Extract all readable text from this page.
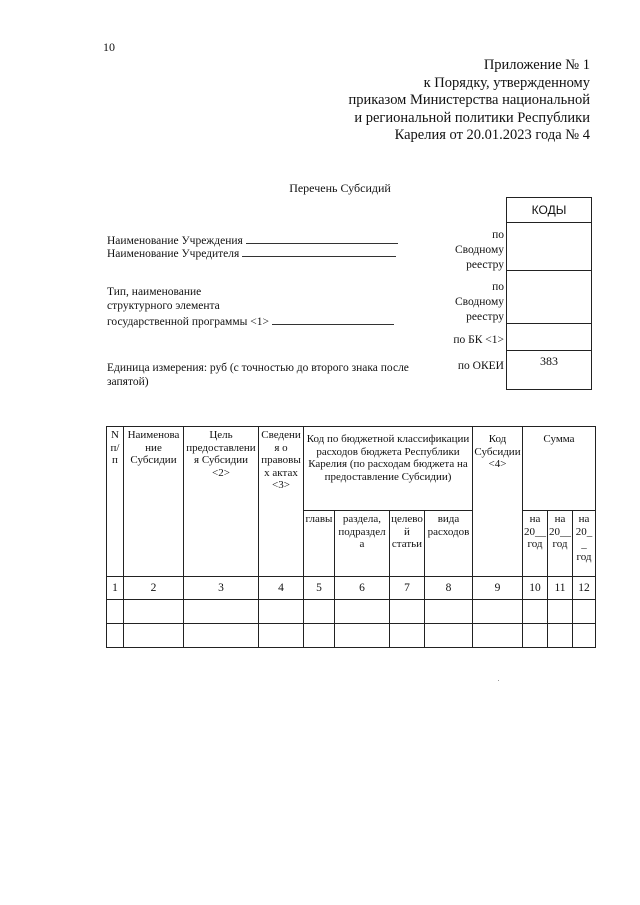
10
Приложение № 1
к Порядку, утвержденному
приказом Министерства национальной
и региональной политики Республики
Карелия от 20.01.2023 года № 4
Перечень Субсидий
КОДЫ
383
по
Сводному
реестру
по
Сводному
реестру
по БК <1>
по ОКЕИ
Наименование Учреждения
Наименование Учредителя
Тип, наименование
структурного элемента
государственной программы <1>
Единица измерения: руб (с точностью до второго знака после запятой)
N п/п	Наименование Субсидии	Цель предоставления Субсидии <2>	Сведения о правовых актах <3>	Код по бюджетной классификации расходов бюджета Республики Карелия (по расходам бюджета на предоставление Субсидии)				Код Субсидии <4>	Сумма		
				главы	раздела, подраздела	целевой статьи	вида расходов		на 20__ год	на 20__ год	на 20__ год
1	2	3	4	5	6	7	8	9	10	11	12
